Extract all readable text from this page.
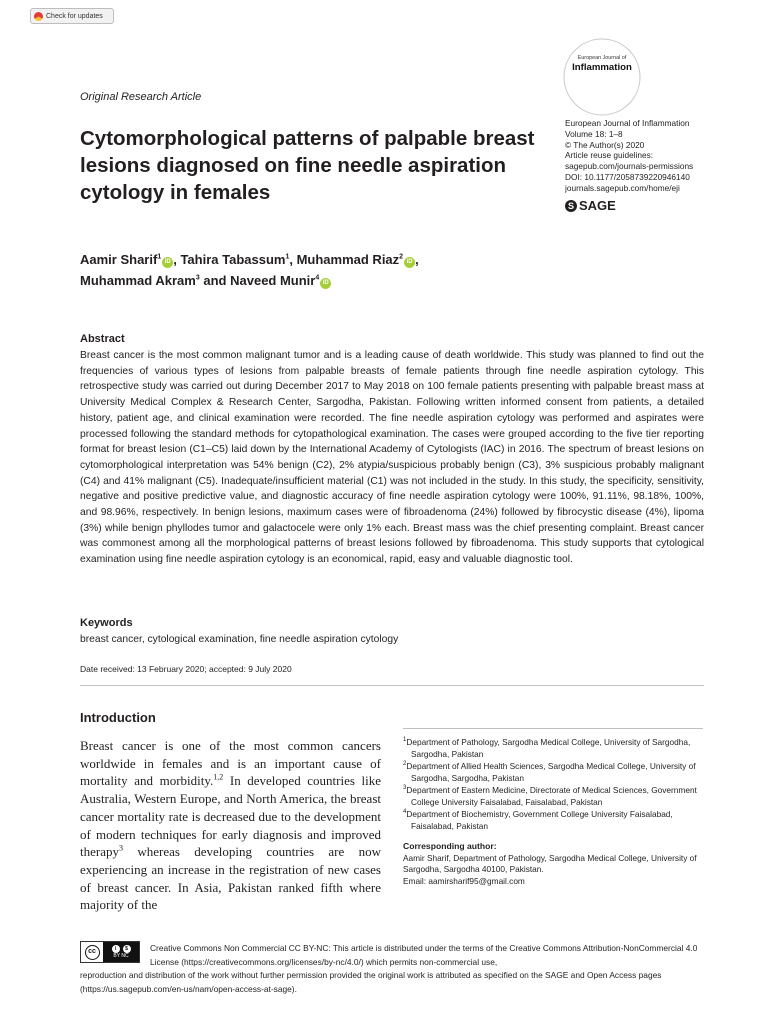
Check for updates
European Journal of
Inflammation
Original Research Article
Cytomorphological patterns of palpable breast lesions diagnosed on fine needle aspiration cytology in females
European Journal of Inflammation
Volume 18: 1–8
© The Author(s) 2020
Article reuse guidelines:
sagepub.com/journals-permissions
DOI: 10.1177/2058739220946140
journals.sagepub.com/home/eji
S SAGE
Aamir Sharif$^1$iD , Tahira Tabassum$^1$, Muhammad Riaz$^2$iD ,
Muhammad Akram$^3$ and Naveed Munir$^4$iD
Abstract

Breast cancer is the most common malignant tumor and is a leading cause of death worldwide. This study was planned to find out the frequencies of various types of lesions from palpable breasts of female patients through fine needle aspiration cytology. This retrospective study was carried out during December 2017 to May 2018 on 100 female patients presenting with palpable breast mass at University Medical Complex & Research Center, Sargodha, Pakistan. Following written informed consent from patients, a detailed history, patient age, and clinical examination were recorded. The fine needle aspiration cytology was performed and aspirates were processed following the standard methods for cytopathological examination. The cases were grouped according to the five tier reporting format for breast lesion (C1–C5) laid down by the International Academy of Cytologists (IAC) in 2016. The spectrum of breast lesions on cytomorphological interpretation was 54% benign (C2), 2% atypia/suspicious probably benign (C3), 3% suspicious probably malignant (C4) and 41% malignant (C5). Inadequate/insufficient material (C1) was not included in the study. In this study, the specificity, sensitivity, negative and positive predictive value, and diagnostic accuracy of fine needle aspiration cytology were 100%, 91.11%, 98.18%, 100%, and 98.96%, respectively. In benign lesions, maximum cases were of fibroadenoma (24%) followed by fibrocystic disease (4%), lipoma (3%) while benign phyllodes tumor and galactocele were only 1% each. Breast mass was the chief presenting complaint. Breast cancer was commonest among all the morphological patterns of breast lesions followed by fibroadenoma. This study supports that cytological examination using fine needle aspiration cytology is an economical, rapid, easy and valuable diagnostic tool.

Keywords
breast cancer, cytological examination, fine needle aspiration cytology
Date received: 13 February 2020; accepted: 9 July 2020
Introduction

Breast cancer is one of the most common cancers worldwide in females and is an important cause of mortality and morbidity.$^{1,2}$ In developed countries like Australia, Western Europe, and North America, the breast cancer mortality rate is decreased due to the development of modern techniques for early diagnosis and improved therapy$^3$ whereas developing countries are now experiencing an increase in the registration of new cases of breast cancer. In Asia, Pakistan ranked fifth where majority of the

$^1$Department of Pathology, Sargodha Medical College, University of Sargodha, Sargodha, Pakistan
$^2$Department of Allied Health Sciences, Sargodha Medical College, University of Sargodha, Sargodha, Pakistan
$^3$Department of Eastern Medicine, Directorate of Medical Sciences, Government College University Faisalabad, Faisalabad, Pakistan
$^4$Department of Biochemistry, Government College University Faisalabad, Faisalabad, Pakistan
Corresponding author:
Aamir Sharif, Department of Pathology, Sargodha Medical College, University of Sargodha, Sargodha 40100, Pakistan.
Email: aamirsharif95@gmail.com
cc	i	$
BY NC
Creative Commons Non Commercial CC BY-NC: This article is distributed under the terms of the Creative Commons Attribution-NonCommercial 4.0 License (https://creativecommons.org/licenses/by-nc/4.0/) which permits non-commercial use,
reproduction and distribution of the work without further permission provided the original work is attributed as specified on the SAGE and Open Access pages (https://us.sagepub.com/en-us/nam/open-access-at-sage).
